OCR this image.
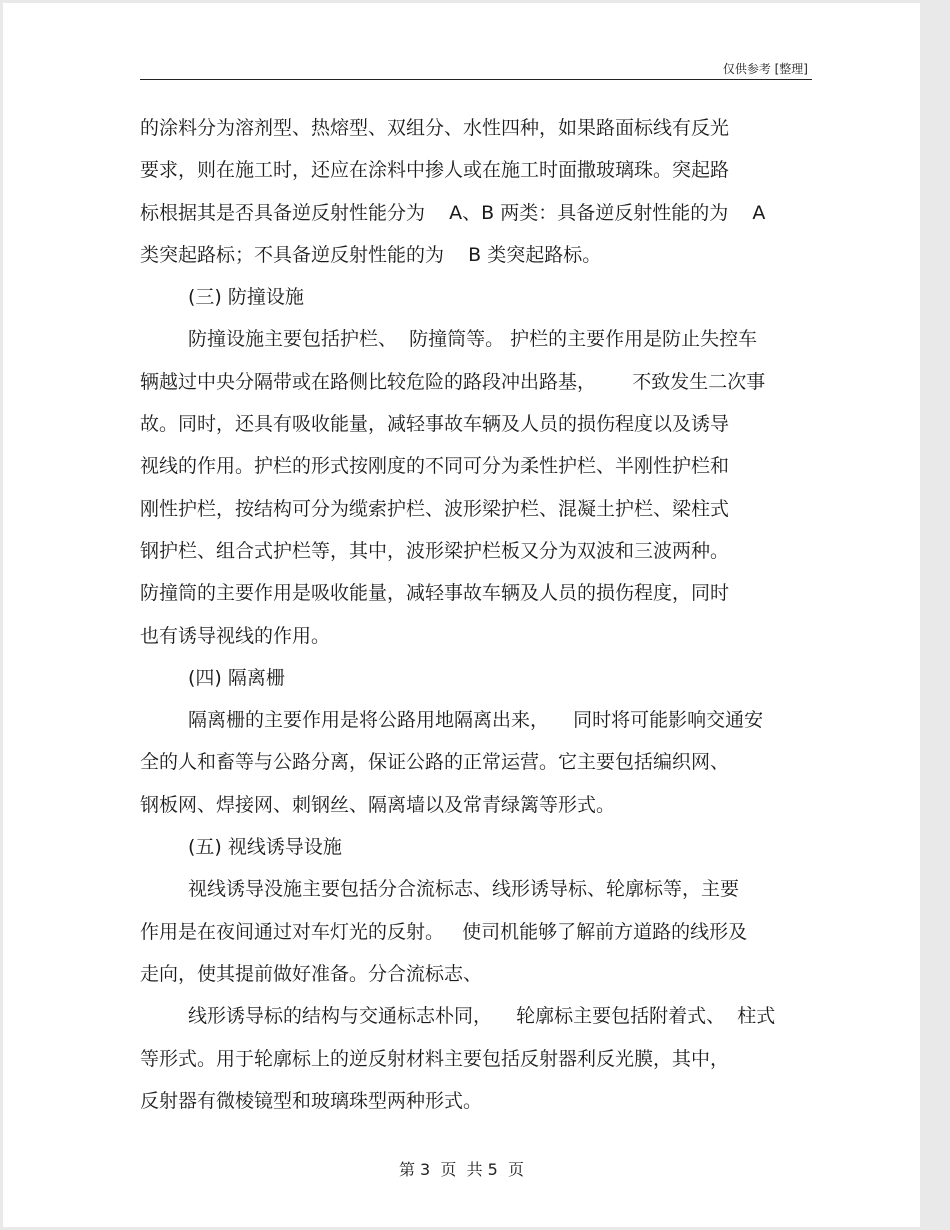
仅供参考 [整理]
的涂料分为溶剂型、热熔型、双组分、水性四种，如果路面标线有反光
要求，则在施工时，还应在涂料中掺人或在施工时面撒玻璃珠。突起路
标根据其是否具备逆反射性能分为    A、B 两类：具备逆反射性能的为    A
类突起路标；不具备逆反射性能的为    B 类突起路标。
(三) 防撞设施
防撞设施主要包括护栏、  防撞筒等。 护栏的主要作用是防止失控车
辆越过中央分隔带或在路侧比较危险的路段冲出路基，      不致发生二次事
故。同时，还具有吸收能量，减轻事故车辆及人员的损伤程度以及诱导
视线的作用。护栏的形式按刚度的不同可分为柔性护栏、半刚性护栏和
刚性护栏，按结构可分为缆索护栏、波形梁护栏、混凝土护栏、梁柱式
钢护栏、组合式护栏等，其中，波形梁护栏板又分为双波和三波两种。
防撞筒的主要作用是吸收能量，减轻事故车辆及人员的损伤程度，同时
也有诱导视线的作用。
(四) 隔离栅
隔离栅的主要作用是将公路用地隔离出来，    同时将可能影响交通安
全的人和畜等与公路分离，保证公路的正常运营。它主要包括编织网、
钢板网、焊接网、刺钢丝、隔离墙以及常青绿篱等形式。
(五) 视线诱导设施
视线诱导没施主要包括分合流标志、线形诱导标、轮廓标等，主要
作用是在夜间通过对车灯光的反射。   使司机能够了解前方道路的线形及
走向，使其提前做好准备。分合流标志、
线形诱导标的结构与交通标志朴同，    轮廓标主要包括附着式、  柱式
等形式。用于轮廓标上的逆反射材料主要包括反射器利反光膜，其中，
反射器有微棱镜型和玻璃珠型两种形式。
第 3  页  共 5  页
